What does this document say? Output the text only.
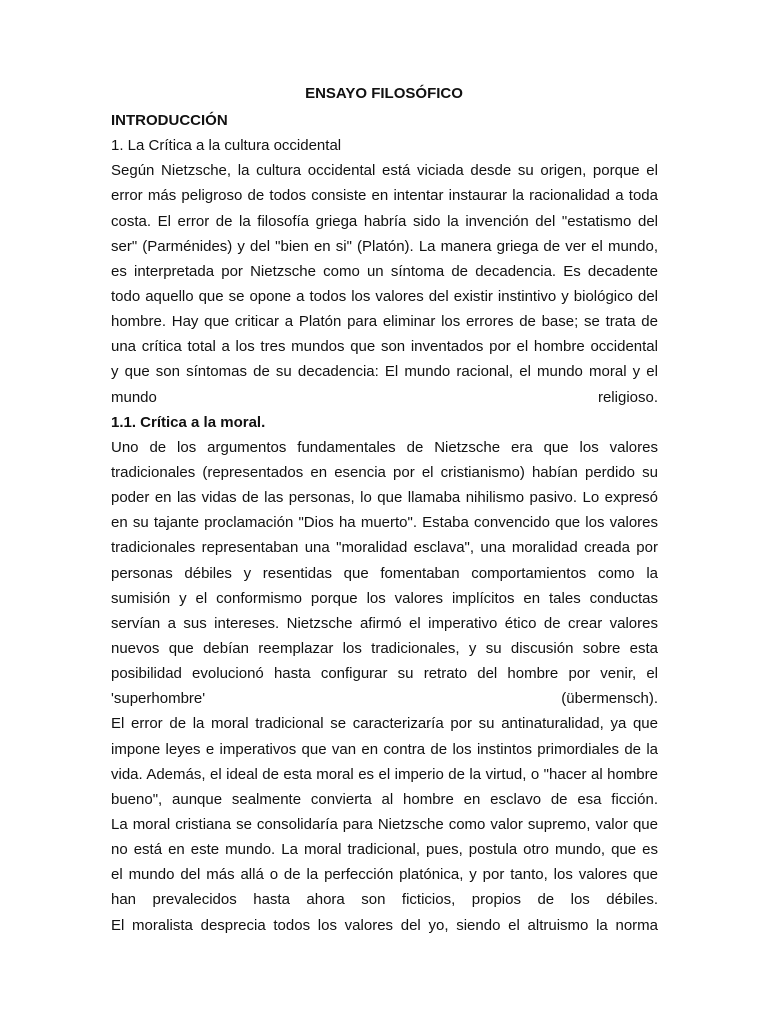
ENSAYO FILOSÓFICO
INTRODUCCIÓN
1. La Crítica a la cultura occidental
Según Nietzsche, la cultura occidental está viciada desde su origen, porque el
error más peligroso de todos consiste en intentar instaurar la racionalidad a toda
costa. El error de la filosofía griega habría sido la invención del "estatismo del
ser" (Parménides) y del "bien en si" (Platón). La manera griega de ver el mundo,
es interpretada por Nietzsche como un síntoma de decadencia. Es decadente
todo aquello que se opone a todos los valores del existir instintivo y biológico del
hombre. Hay que criticar a Platón para eliminar los errores de base; se trata de
una crítica total a los tres mundos que son inventados por el hombre occidental
y que son síntomas de su decadencia: El mundo racional, el mundo moral y el
mundo	religioso.
1.1. Crítica a la moral.
Uno de los argumentos fundamentales de Nietzsche era que los valores
tradicionales (representados en esencia por el cristianismo) habían perdido su
poder en las vidas de las personas, lo que llamaba nihilismo pasivo. Lo expresó
en su tajante proclamación "Dios ha muerto". Estaba convencido que los valores
tradicionales representaban una "moralidad esclava", una moralidad creada por
personas débiles y resentidas que fomentaban comportamientos como la
sumisión y el conformismo porque los valores implícitos en tales conductas
servían a sus intereses. Nietzsche afirmó el imperativo ético de crear valores
nuevos que debían reemplazar los tradicionales, y su discusión sobre esta
posibilidad evolucionó hasta configurar su retrato del hombre por venir, el
'superhombre'	(übermensch).
El error de la moral tradicional se caracterizaría por su antinaturalidad, ya que
impone leyes e imperativos que van en contra de los instintos primordiales de la
vida. Además, el ideal de esta moral es el imperio de la virtud, o "hacer al hombre
bueno", aunque sealmente convierta al hombre en esclavo de esa ficción.
La moral cristiana se consolidaría para Nietzsche como valor supremo, valor que
no está en este mundo. La moral tradicional, pues, postula otro mundo, que es
el mundo del más allá o de la perfección platónica, y por tanto, los valores que
han prevalecidos hasta ahora son ficticios, propios de los débiles.
El moralista desprecia todos los valores del yo, siendo el altruismo la norma
